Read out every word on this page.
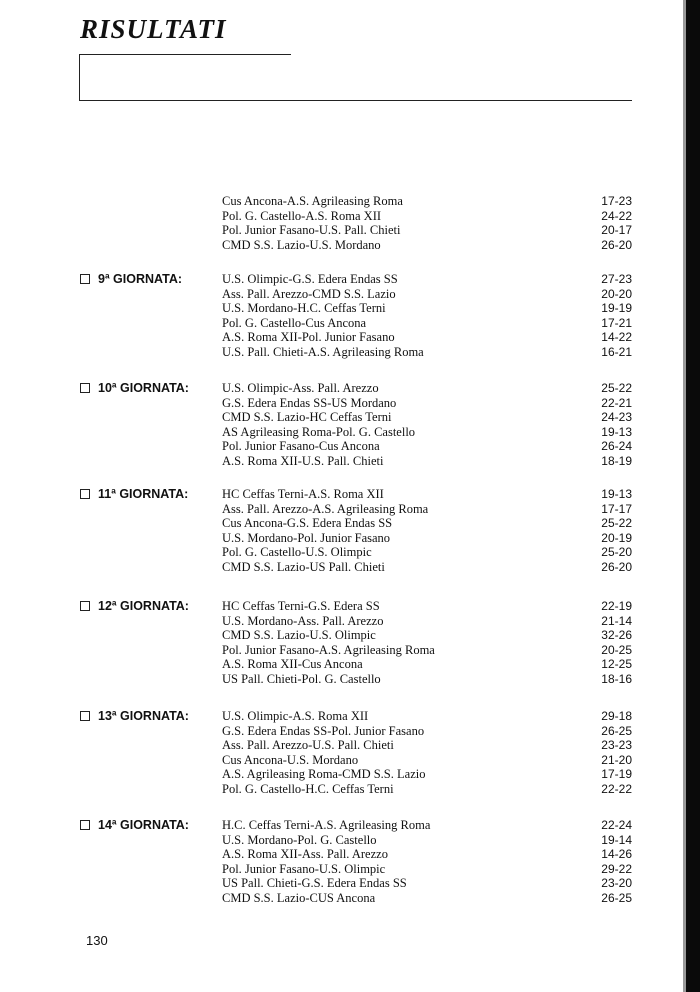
RISULTATI
Cus Ancona-A.S. Agrileasing Roma	17-23
Pol. G. Castello-A.S. Roma XII	24-22
Pol. Junior Fasano-U.S. Pall. Chieti	20-17
CMD S.S. Lazio-U.S. Mordano	26-20
9ª GIORNATA:	U.S. Olimpic-G.S. Edera Endas SS	27-23
Ass. Pall. Arezzo-CMD S.S. Lazio	20-20
U.S. Mordano-H.C. Ceffas Terni	19-19
Pol. G. Castello-Cus Ancona	17-21
A.S. Roma XII-Pol. Junior Fasano	14-22
U.S. Pall. Chieti-A.S. Agrileasing Roma	16-21
10ª GIORNATA:	U.S. Olimpic-Ass. Pall. Arezzo	25-22
G.S. Edera Endas SS-US Mordano	22-21
CMD S.S. Lazio-HC Ceffas Terni	24-23
AS Agrileasing Roma-Pol. G. Castello	19-13
Pol. Junior Fasano-Cus Ancona	26-24
A.S. Roma XII-U.S. Pall. Chieti	18-19
11ª GIORNATA:	HC Ceffas Terni-A.S. Roma XII	19-13
Ass. Pall. Arezzo-A.S. Agrileasing Roma	17-17
Cus Ancona-G.S. Edera Endas SS	25-22
U.S. Mordano-Pol. Junior Fasano	20-19
Pol. G. Castello-U.S. Olimpic	25-20
CMD S.S. Lazio-US Pall. Chieti	26-20
12ª GIORNATA:	HC Ceffas Terni-G.S. Edera SS	22-19
U.S. Mordano-Ass. Pall. Arezzo	21-14
CMD S.S. Lazio-U.S. Olimpic	32-26
Pol. Junior Fasano-A.S. Agrileasing Roma	20-25
A.S. Roma XII-Cus Ancona	12-25
US Pall. Chieti-Pol. G. Castello	18-16
13ª GIORNATA:	U.S. Olimpic-A.S. Roma XII	29-18
G.S. Edera Endas SS-Pol. Junior Fasano	26-25
Ass. Pall. Arezzo-U.S. Pall. Chieti	23-23
Cus Ancona-U.S. Mordano	21-20
A.S. Agrileasing Roma-CMD S.S. Lazio	17-19
Pol. G. Castello-H.C. Ceffas Terni	22-22
14ª GIORNATA:	H.C. Ceffas Terni-A.S. Agrileasing Roma	22-24
U.S. Mordano-Pol. G. Castello	19-14
A.S. Roma XII-Ass. Pall. Arezzo	14-26
Pol. Junior Fasano-U.S. Olimpic	29-22
US Pall. Chieti-G.S. Edera Endas SS	23-20
CMD S.S. Lazio-CUS Ancona	26-25
130
